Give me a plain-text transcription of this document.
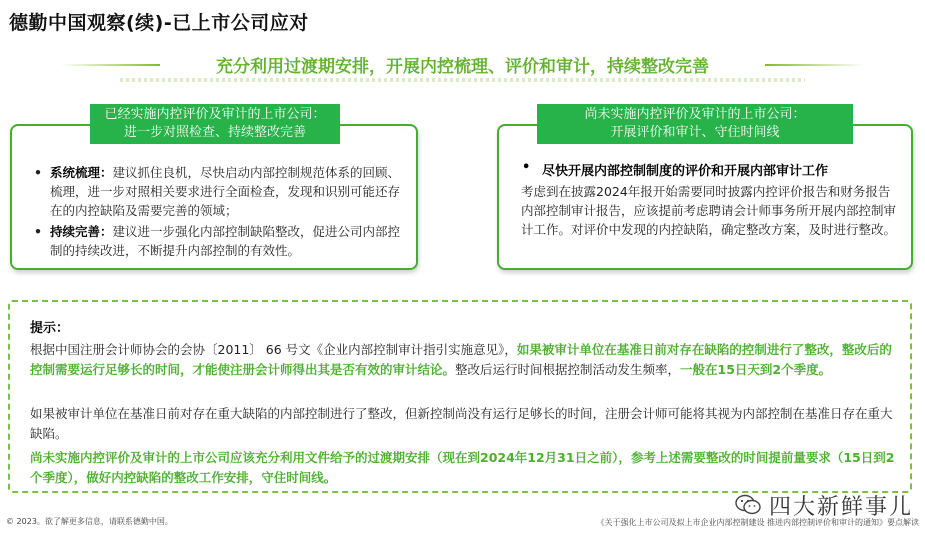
德勤中国观察(续)-已上市公司应对
充分利用过渡期安排，开展内控梳理、评价和审计，持续整改完善
已经实施内控评价及审计的上市公司：
进一步对照检查、持续整改完善
• 系统梳理：建议抓住良机，尽快启动内部控制规范体系的回顾、梳理，进一步对照相关要求进行全面检查，发现和识别可能还存在的内控缺陷及需要完善的领域；
• 持续完善：建议进一步强化内部控制缺陷整改，促进公司内部控制的持续改进，不断提升内部控制的有效性。
尚未实施内控评价及审计的上市公司：
开展评价和审计、守住时间线
• 尽快开展内部控制制度的评价和开展内部审计工作
考虑到在披露2024年报开始需要同时披露内控评价报告和财务报告内部控制审计报告，应该提前考虑聘请会计师事务所开展内部控制审计工作。对评价中发现的内控缺陷，确定整改方案，及时进行整改。
提示：
根据中国注册会计师协会的会协〔2011〕 66 号文《企业内部控制审计指引实施意见》，如果被审计单位在基准日前对存在缺陷的控制进行了整改，整改后的控制需要运行足够长的时间，才能使注册会计师得出其是否有效的审计结论。整改后运行时间根据控制活动发生频率，一般在15日天到2个季度。
如果被审计单位在基准日前对存在重大缺陷的内部控制进行了整改，但新控制尚没有运行足够长的时间，注册会计师可能将其视为内部控制在基准日存在重大缺陷。
尚未实施内控评价及审计的上市公司应该充分利用文件给予的过渡期安排（现在到2024年12月31日之前），参考上述需要整改的时间提前量要求（15日到2个季度），做好内控缺陷的整改工作安排，守住时间线。
© 2023。欲了解更多信息，请联系德勤中国。	《关于强化上市公司及拟上市企业内部控制建设 推进内部控制评价和审计的通知》要点解读
四大新鲜事儿
